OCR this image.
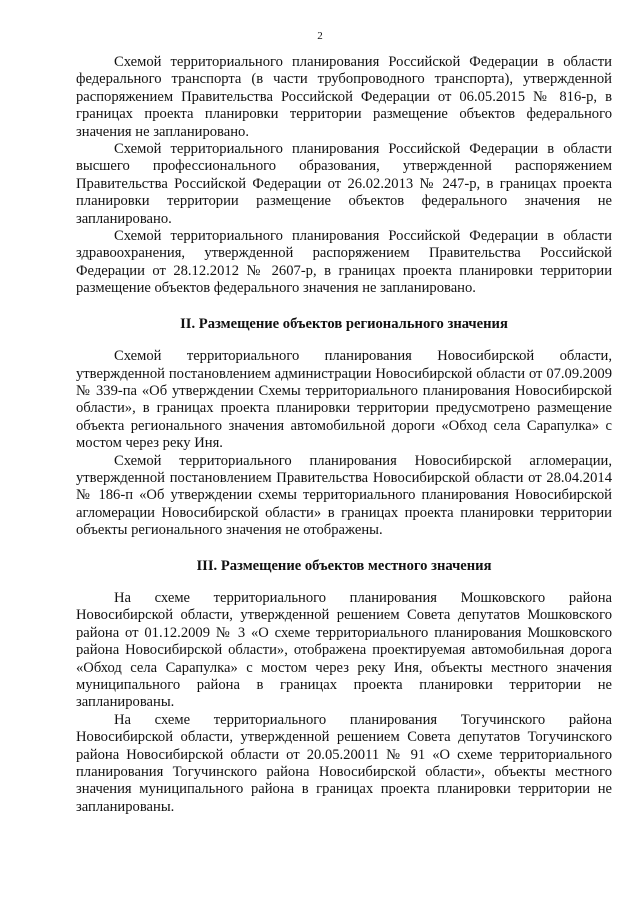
2

Схемой территориального планирования Российской Федерации в области федерального транспорта (в части трубопроводного транспорта), утвержденной распоряжением Правительства Российской Федерации от 06.05.2015 № 816-р, в границах проекта планировки территории размещение объектов федерального значения не запланировано.

Схемой территориального планирования Российской Федерации в области высшего профессионального образования, утвержденной распоряжением Правительства Российской Федерации от 26.02.2013 № 247-р, в границах проекта планировки территории размещение объектов федерального значения не запланировано.

Схемой территориального планирования Российской Федерации в области здравоохранения, утвержденной распоряжением Правительства Российской Федерации от 28.12.2012 № 2607-р, в границах проекта планировки территории размещение объектов федерального значения не запланировано.

II. Размещение объектов регионального значения

Схемой территориального планирования Новосибирской области, утвержденной постановлением администрации Новосибирской области от 07.09.2009 № 339-па «Об утверждении Схемы территориального планирования Новосибирской области», в границах проекта планировки территории предусмотрено размещение объекта регионального значения автомобильной дороги «Обход села Сарапулка» с мостом через реку Иня.

Схемой территориального планирования Новосибирской агломерации, утвержденной постановлением Правительства Новосибирской области от 28.04.2014 № 186-п «Об утверждении схемы территориального планирования Новосибирской агломерации Новосибирской области» в границах проекта планировки территории объекты регионального значения не отображены.

III. Размещение объектов местного значения

На схеме территориального планирования Мошковского района Новосибирской области, утвержденной решением Совета депутатов Мошковского района от 01.12.2009 № 3 «О схеме территориального планирования Мошковского района Новосибирской области», отображена проектируемая автомобильная дорога «Обход села Сарапулка» с мостом через реку Иня, объекты местного значения муниципального района в границах проекта планировки территории не запланированы.

На схеме территориального планирования Тогучинского района Новосибирской области, утвержденной решением Совета депутатов Тогучинского района Новосибирской области от 20.05.20011 № 91 «О схеме территориального планирования Тогучинского района Новосибирской области», объекты местного значения муниципального района в границах проекта планировки территории не запланированы.
